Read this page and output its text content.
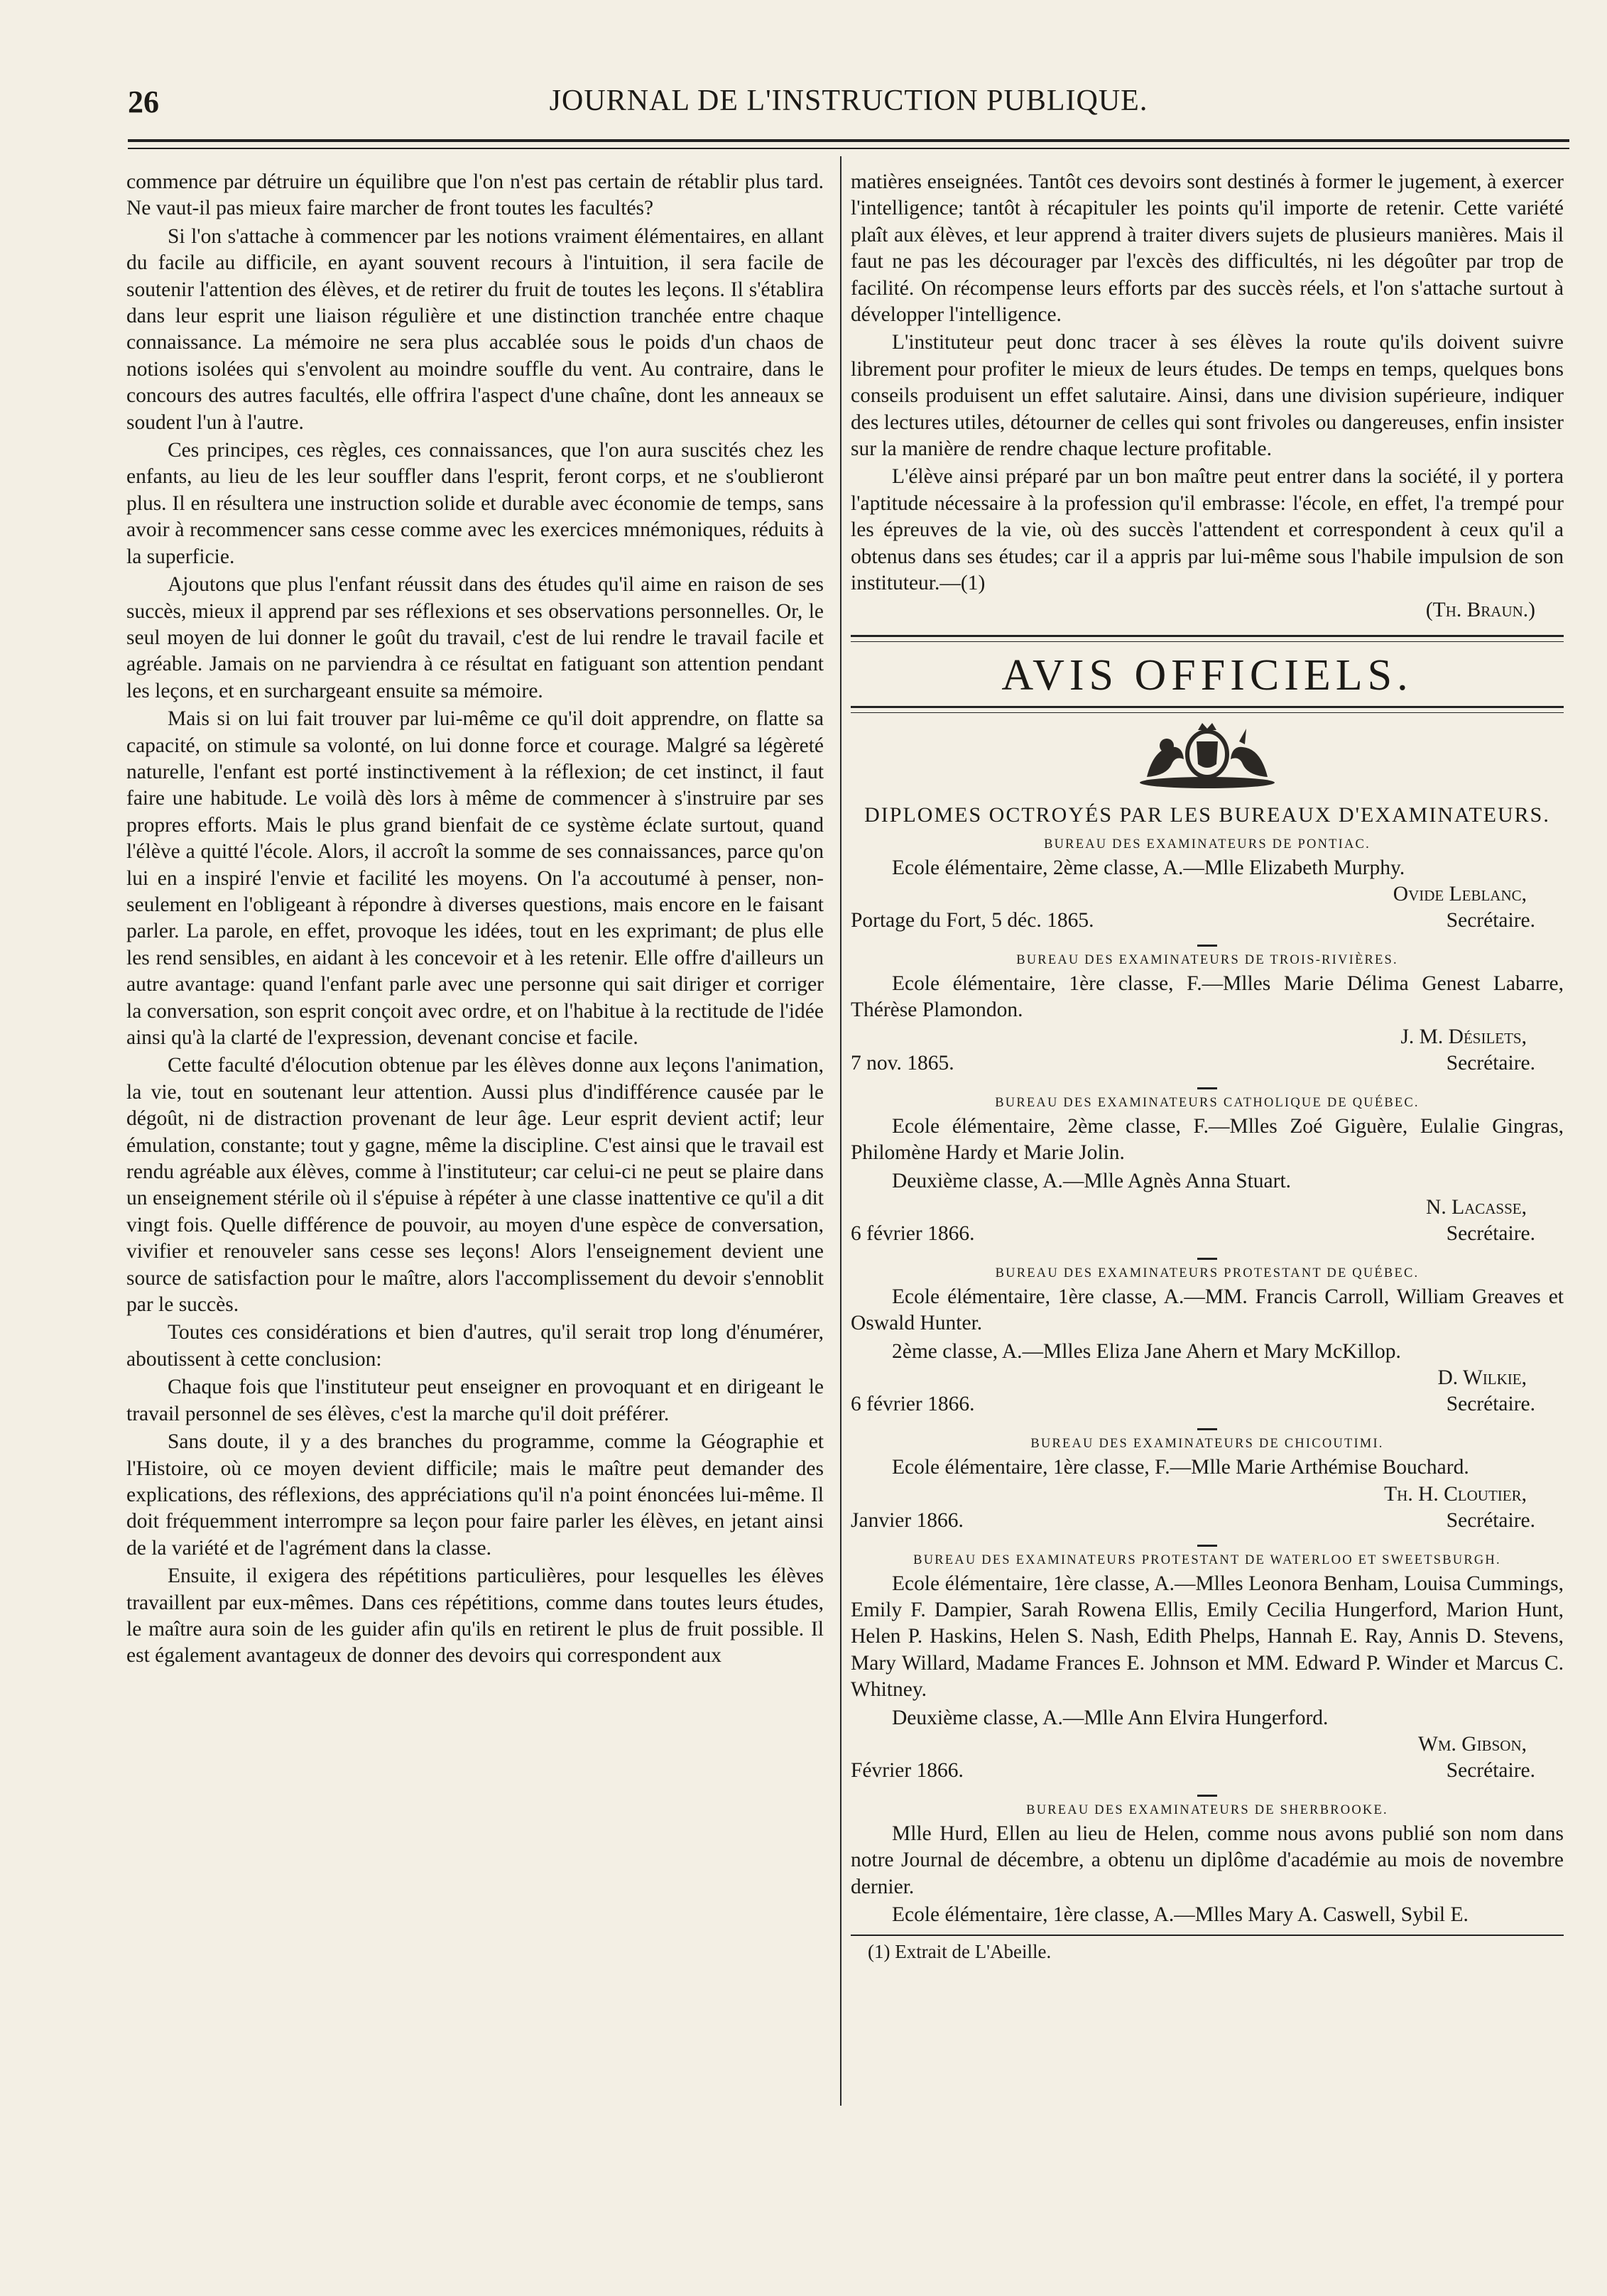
26	JOURNAL DE L'INSTRUCTION PUBLIQUE.

commence par détruire un équilibre que l'on n'est pas certain de rétablir plus tard. Ne vaut-il pas mieux faire marcher de front toutes les facultés?

Si l'on s'attache à commencer par les notions vraiment élémentaires, en allant du facile au difficile, en ayant souvent recours à l'intuition, il sera facile de soutenir l'attention des élèves, et de retirer du fruit de toutes les leçons. Il s'établira dans leur esprit une liaison régulière et une distinction tranchée entre chaque connaissance. La mémoire ne sera plus accablée sous le poids d'un chaos de notions isolées qui s'envolent au moindre souffle du vent. Au contraire, dans le concours des autres facultés, elle offrira l'aspect d'une chaîne, dont les anneaux se soudent l'un à l'autre.

Ces principes, ces règles, ces connaissances, que l'on aura suscités chez les enfants, au lieu de les leur souffler dans l'esprit, feront corps, et ne s'oublieront plus. Il en résultera une instruction solide et durable avec économie de temps, sans avoir à recommencer sans cesse comme avec les exercices mnémoniques, réduits à la superficie.

Ajoutons que plus l'enfant réussit dans des études qu'il aime en raison de ses succès, mieux il apprend par ses réflexions et ses observations personnelles. Or, le seul moyen de lui donner le goût du travail, c'est de lui rendre le travail facile et agréable. Jamais on ne parviendra à ce résultat en fatiguant son attention pendant les leçons, et en surchargeant ensuite sa mémoire.

Mais si on lui fait trouver par lui-même ce qu'il doit apprendre, on flatte sa capacité, on stimule sa volonté, on lui donne force et courage. Malgré sa légèreté naturelle, l'enfant est porté instinctivement à la réflexion; de cet instinct, il faut faire une habitude. Le voilà dès lors à même de commencer à s'instruire par ses propres efforts. Mais le plus grand bienfait de ce système éclate surtout, quand l'élève a quitté l'école. Alors, il accroît la somme de ses connaissances, parce qu'on lui en a inspiré l'envie et facilité les moyens. On l'a accoutumé à penser, non-seulement en l'obligeant à répondre à diverses questions, mais encore en le faisant parler. La parole, en effet, provoque les idées, tout en les exprimant; de plus elle les rend sensibles, en aidant à les concevoir et à les retenir. Elle offre d'ailleurs un autre avantage: quand l'enfant parle avec une personne qui sait diriger et corriger la conversation, son esprit conçoit avec ordre, et on l'habitue à la rectitude de l'idée ainsi qu'à la clarté de l'expression, devenant concise et facile.

Cette faculté d'élocution obtenue par les élèves donne aux leçons l'animation, la vie, tout en soutenant leur attention. Aussi plus d'indifférence causée par le dégoût, ni de distraction provenant de leur âge. Leur esprit devient actif; leur émulation, constante; tout y gagne, même la discipline. C'est ainsi que le travail est rendu agréable aux élèves, comme à l'instituteur; car celui-ci ne peut se plaire dans un enseignement stérile où il s'épuise à répéter à une classe inattentive ce qu'il a dit vingt fois. Quelle différence de pouvoir, au moyen d'une espèce de conversation, vivifier et renouveler sans cesse ses leçons! Alors l'enseignement devient une source de satisfaction pour le maître, alors l'accomplissement du devoir s'ennoblit par le succès.

Toutes ces considérations et bien d'autres, qu'il serait trop long d'énumérer, aboutissent à cette conclusion:

Chaque fois que l'instituteur peut enseigner en provoquant et en dirigeant le travail personnel de ses élèves, c'est la marche qu'il doit préférer.

Sans doute, il y a des branches du programme, comme la Géographie et l'Histoire, où ce moyen devient difficile; mais le maître peut demander des explications, des réflexions, des appréciations qu'il n'a point énoncées lui-même. Il doit fréquemment interrompre sa leçon pour faire parler les élèves, en jetant ainsi de la variété et de l'agrément dans la classe.

Ensuite, il exigera des répétitions particulières, pour lesquelles les élèves travaillent par eux-mêmes. Dans ces répétitions, comme dans toutes leurs études, le maître aura soin de les guider afin qu'ils en retirent le plus de fruit possible. Il est également avantageux de donner des devoirs qui correspondent aux

matières enseignées. Tantôt ces devoirs sont destinés à former le jugement, à exercer l'intelligence; tantôt à récapituler les points qu'il importe de retenir. Cette variété plaît aux élèves, et leur apprend à traiter divers sujets de plusieurs manières. Mais il faut ne pas les décourager par l'excès des difficultés, ni les dégoûter par trop de facilité. On récompense leurs efforts par des succès réels, et l'on s'attache surtout à développer l'intelligence.

L'instituteur peut donc tracer à ses élèves la route qu'ils doivent suivre librement pour profiter le mieux de leurs études. De temps en temps, quelques bons conseils produisent un effet salutaire. Ainsi, dans une division supérieure, indiquer des lectures utiles, détourner de celles qui sont frivoles ou dangereuses, enfin insister sur la manière de rendre chaque lecture profitable.

L'élève ainsi préparé par un bon maître peut entrer dans la société, il y portera l'aptitude nécessaire à la profession qu'il embrasse: l'école, en effet, l'a trempé pour les épreuves de la vie, où des succès l'attendent et correspondent à ceux qu'il a obtenus dans ses études; car il a appris par lui-même sous l'habile impulsion de son instituteur.—(1)

(Th. Braun.)
AVIS OFFICIELS.
DIPLOMES OCTROYÉS PAR LES BUREAUX D'EXAMINATEURS.
BUREAU DES EXAMINATEURS DE PONTIAC.

Ecole élémentaire, 2ème classe, A.—Mlle Elizabeth Murphy.

Ovide Leblanc,
Portage du Fort, 5 déc. 1865.	Secrétaire.
BUREAU DES EXAMINATEURS DE TROIS-RIVIÈRES.

Ecole élémentaire, 1ère classe, F.—Mlles Marie Délima Genest Labarre, Thérèse Plamondon.

J. M. Désilets,
7 nov. 1865.	Secrétaire.
BUREAU DES EXAMINATEURS CATHOLIQUE DE QUÉBEC.

Ecole élémentaire, 2ème classe, F.—Mlles Zoé Giguère, Eulalie Gingras, Philomène Hardy et Marie Jolin.

Deuxième classe, A.—Mlle Agnès Anna Stuart.

N. Lacasse,
6 février 1866.	Secrétaire.
BUREAU DES EXAMINATEURS PROTESTANT DE QUÉBEC.

Ecole élémentaire, 1ère classe, A.—MM. Francis Carroll, William Greaves et Oswald Hunter.

2ème classe, A.—Mlles Eliza Jane Ahern et Mary McKillop.

D. Wilkie,
6 février 1866.	Secrétaire.
BUREAU DES EXAMINATEURS DE CHICOUTIMI.

Ecole élémentaire, 1ère classe, F.—Mlle Marie Arthémise Bouchard.

Th. H. Cloutier,
Janvier 1866.	Secrétaire.
BUREAU DES EXAMINATEURS PROTESTANT DE WATERLOO ET SWEETSBURGH.

Ecole élémentaire, 1ère classe, A.—Mlles Leonora Benham, Louisa Cummings, Emily F. Dampier, Sarah Rowena Ellis, Emily Cecilia Hungerford, Marion Hunt, Helen P. Haskins, Helen S. Nash, Edith Phelps, Hannah E. Ray, Annis D. Stevens, Mary Willard, Madame Frances E. Johnson et MM. Edward P. Winder et Marcus C. Whitney.

Deuxième classe, A.—Mlle Ann Elvira Hungerford.

Wm. Gibson,
Février 1866.	Secrétaire.
BUREAU DES EXAMINATEURS DE SHERBROOKE.

Mlle Hurd, Ellen au lieu de Helen, comme nous avons publié son nom dans notre Journal de décembre, a obtenu un diplôme d'académie au mois de novembre dernier.

Ecole élémentaire, 1ère classe, A.—Mlles Mary A. Caswell, Sybil E.

(1) Extrait de L'Abeille.
